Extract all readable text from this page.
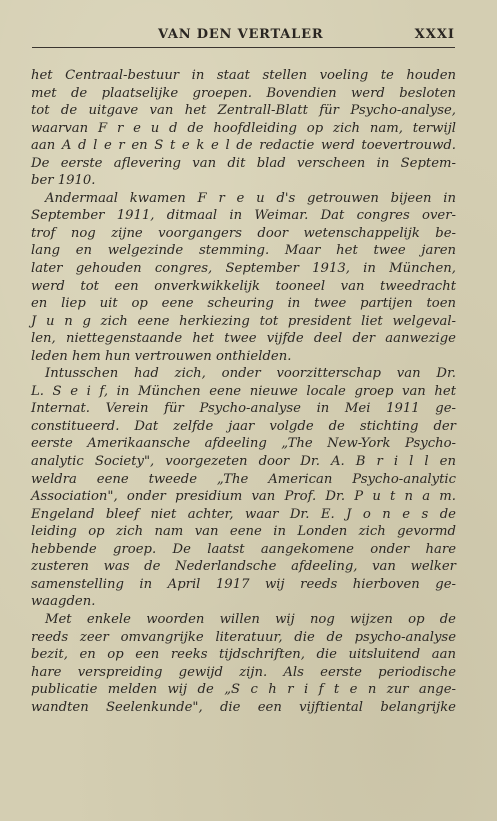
VAN DEN VERTALER	XXXI
het Centraal-bestuur in staat stellen voeling te houden
met de plaatselijke groepen. Bovendien werd besloten
tot de uitgave van het Zentrall-Blatt für Psycho-analyse,
waarvan F r e u d de hoofdleiding op zich nam, terwijl
aan A d l e r en S t e k e l de redactie werd toevertrouwd.
De eerste aflevering van dit blad verscheen in Septem-
ber 1910.
Andermaal kwamen F r e u d's getrouwen bijeen in
September 1911, ditmaal in Weimar. Dat congres over-
trof nog zijne voorgangers door wetenschappelijk be-
lang en welgezinde stemming. Maar het twee jaren
later gehouden congres, September 1913, in München,
werd tot een onverkwikkelijk tooneel van tweedracht
en liep uit op eene scheuring in twee partijen toen
J u n g zich eene herkiezing tot president liet welgeval-
len, niettegenstaande het twee vijfde deel der aanwezige
leden hem hun vertrouwen onthielden.
Intusschen had zich, onder voorzitterschap van Dr.
L. S e i f, in München eene nieuwe locale groep van het
Internat. Verein für Psycho-analyse in Mei 1911 ge-
constitueerd. Dat zelfde jaar volgde de stichting der
eerste Amerikaansche afdeeling „The New-York Psycho-
analytic Society", voorgezeten door Dr. A. B r i l l en
weldra eene tweede „The American Psycho-analytic
Association", onder presidium van Prof. Dr. P u t n a m.
Engeland bleef niet achter, waar Dr. E. J o n e s de
leiding op zich nam van eene in Londen zich gevormd
hebbende groep. De laatst aangekomene onder hare
zusteren was de Nederlandsche afdeeling, van welker
samenstelling in April 1917 wij reeds hierboven ge-
waagden.
Met enkele woorden willen wij nog wijzen op de
reeds zeer omvangrijke literatuur, die de psycho-analyse
bezit, en op een reeks tijdschriften, die uitsluitend aan
hare verspreiding gewijd zijn. Als eerste periodische
publicatie melden wij de „S c h r i f t e n zur ange-
wandten Seelenkunde", die een vijftiental belangrijke
